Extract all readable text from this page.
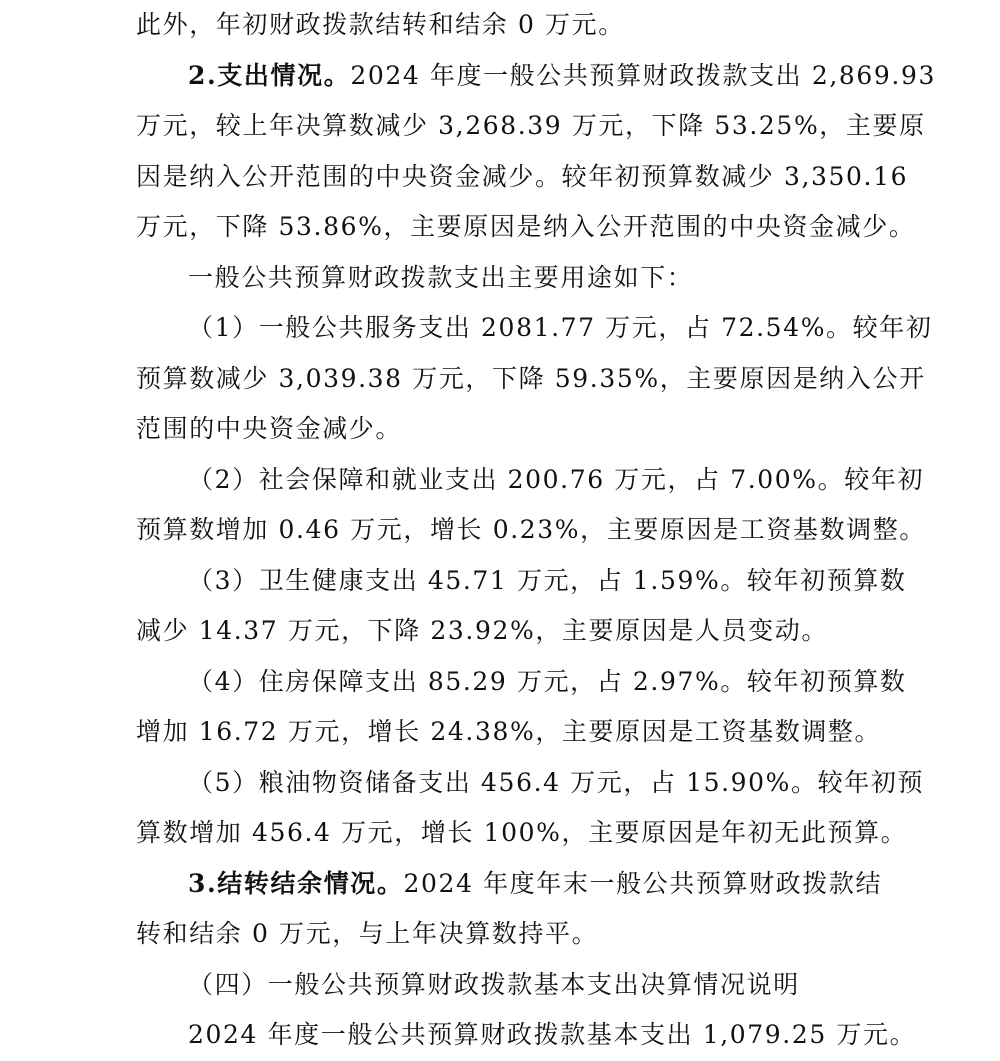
此外，年初财政拨款结转和结余 0 万元。
2.支出情况。2024 年度一般公共预算财政拨款支出 2,869.93
万元，较上年决算数减少 3,268.39 万元，下降 53.25%，主要原
因是纳入公开范围的中央资金减少。较年初预算数减少 3,350.16
万元，下降 53.86%，主要原因是纳入公开范围的中央资金减少。
一般公共预算财政拨款支出主要用途如下：
（1）一般公共服务支出 2081.77 万元，占 72.54%。较年初
预算数减少 3,039.38 万元，下降 59.35%，主要原因是纳入公开
范围的中央资金减少。
（2）社会保障和就业支出 200.76 万元，占 7.00%。较年初
预算数增加 0.46 万元，增长 0.23%，主要原因是工资基数调整。
（3）卫生健康支出 45.71 万元，占 1.59%。较年初预算数
减少 14.37 万元，下降 23.92%，主要原因是人员变动。
（4）住房保障支出 85.29 万元，占 2.97%。较年初预算数
增加 16.72 万元，增长 24.38%，主要原因是工资基数调整。
（5）粮油物资储备支出 456.4 万元，占 15.90%。较年初预
算数增加 456.4 万元，增长 100%，主要原因是年初无此预算。
3.结转结余情况。2024 年度年末一般公共预算财政拨款结
转和结余 0 万元，与上年决算数持平。
（四）一般公共预算财政拨款基本支出决算情况说明
2024 年度一般公共预算财政拨款基本支出 1,079.25 万元。
